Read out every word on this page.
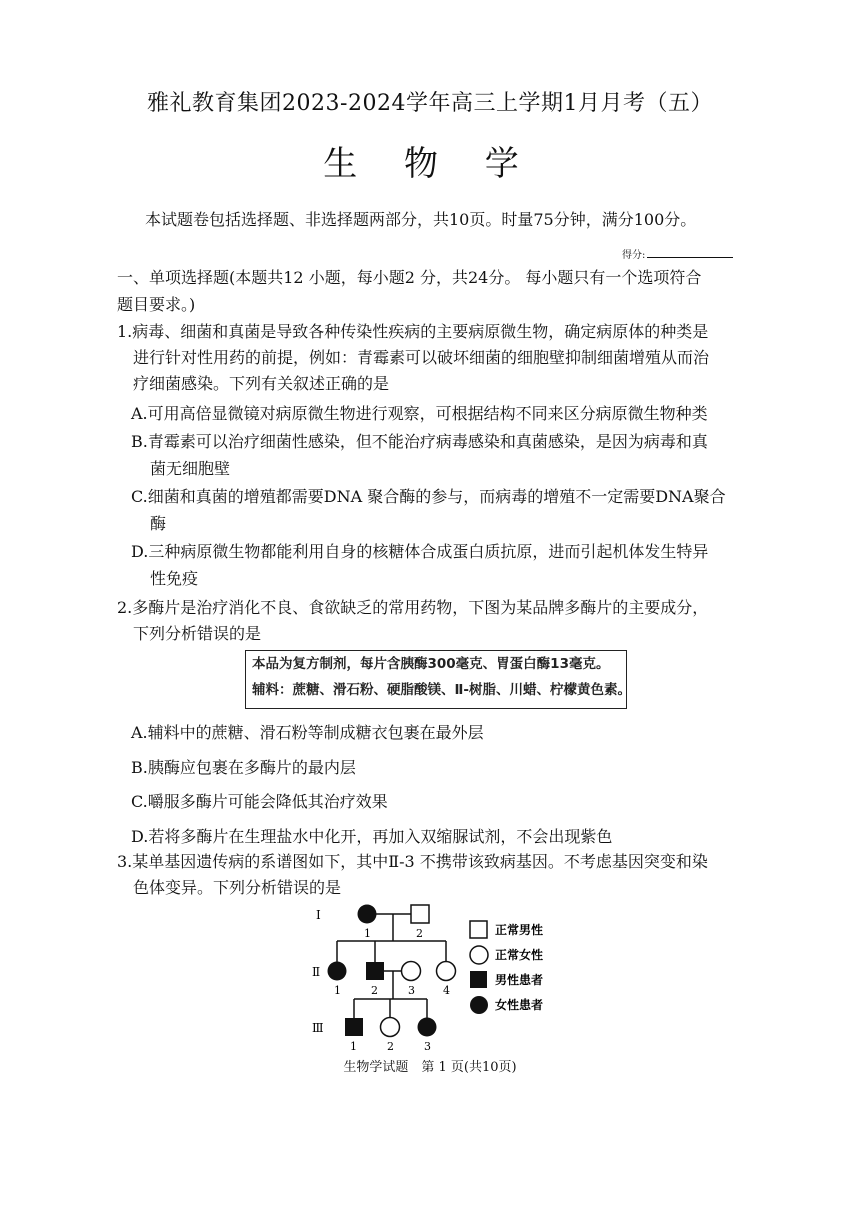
雅礼教育集团2023-2024学年高三上学期1月月考（五）
生 物 学
本试题卷包括选择题、非选择题两部分，共10页。时量75分钟，满分100分。
得分:
一、单项选择题(本题共12 小题，每小题2 分，共24分。 每小题只有一个选项符合
题目要求。)
1.病毒、细菌和真菌是导致各种传染性疾病的主要病原微生物，确定病原体的种类是
进行针对性用药的前提，例如：青霉素可以破坏细菌的细胞壁抑制细菌增殖从而治
疗细菌感染。下列有关叙述正确的是
A.可用高倍显微镜对病原微生物进行观察，可根据结构不同来区分病原微生物种类
B.青霉素可以治疗细菌性感染，但不能治疗病毒感染和真菌感染，是因为病毒和真
菌无细胞壁
C.细菌和真菌的增殖都需要DNA 聚合酶的参与，而病毒的增殖不一定需要DNA聚合
酶
D.三种病原微生物都能利用自身的核糖体合成蛋白质抗原，进而引起机体发生特异
性免疫
2.多酶片是治疗消化不良、食欲缺乏的常用药物，下图为某品牌多酶片的主要成分，
下列分析错误的是
本品为复方制剂，每片含胰酶300毫克、胃蛋白酶13毫克。
辅料：蔗糖、滑石粉、硬脂酸镁、Ⅱ-树脂、川蜡、柠檬黄色素。
A.辅料中的蔗糖、滑石粉等制成糖衣包裹在最外层
B.胰酶应包裹在多酶片的最内层
C.嚼服多酶片可能会降低其治疗效果
D.若将多酶片在生理盐水中化开，再加入双缩脲试剂，不会出现紫色
3.某单基因遗传病的系谱图如下，其中Ⅱ-3 不携带该致病基因。不考虑基因突变和染
色体变异。下列分析错误的是
Ⅰ
Ⅱ
Ⅲ
1	2
1	2	3	4
1	2	3
正常男性
正常女性
男性患者
女性患者
生物学试题　第 1 页(共10页)
